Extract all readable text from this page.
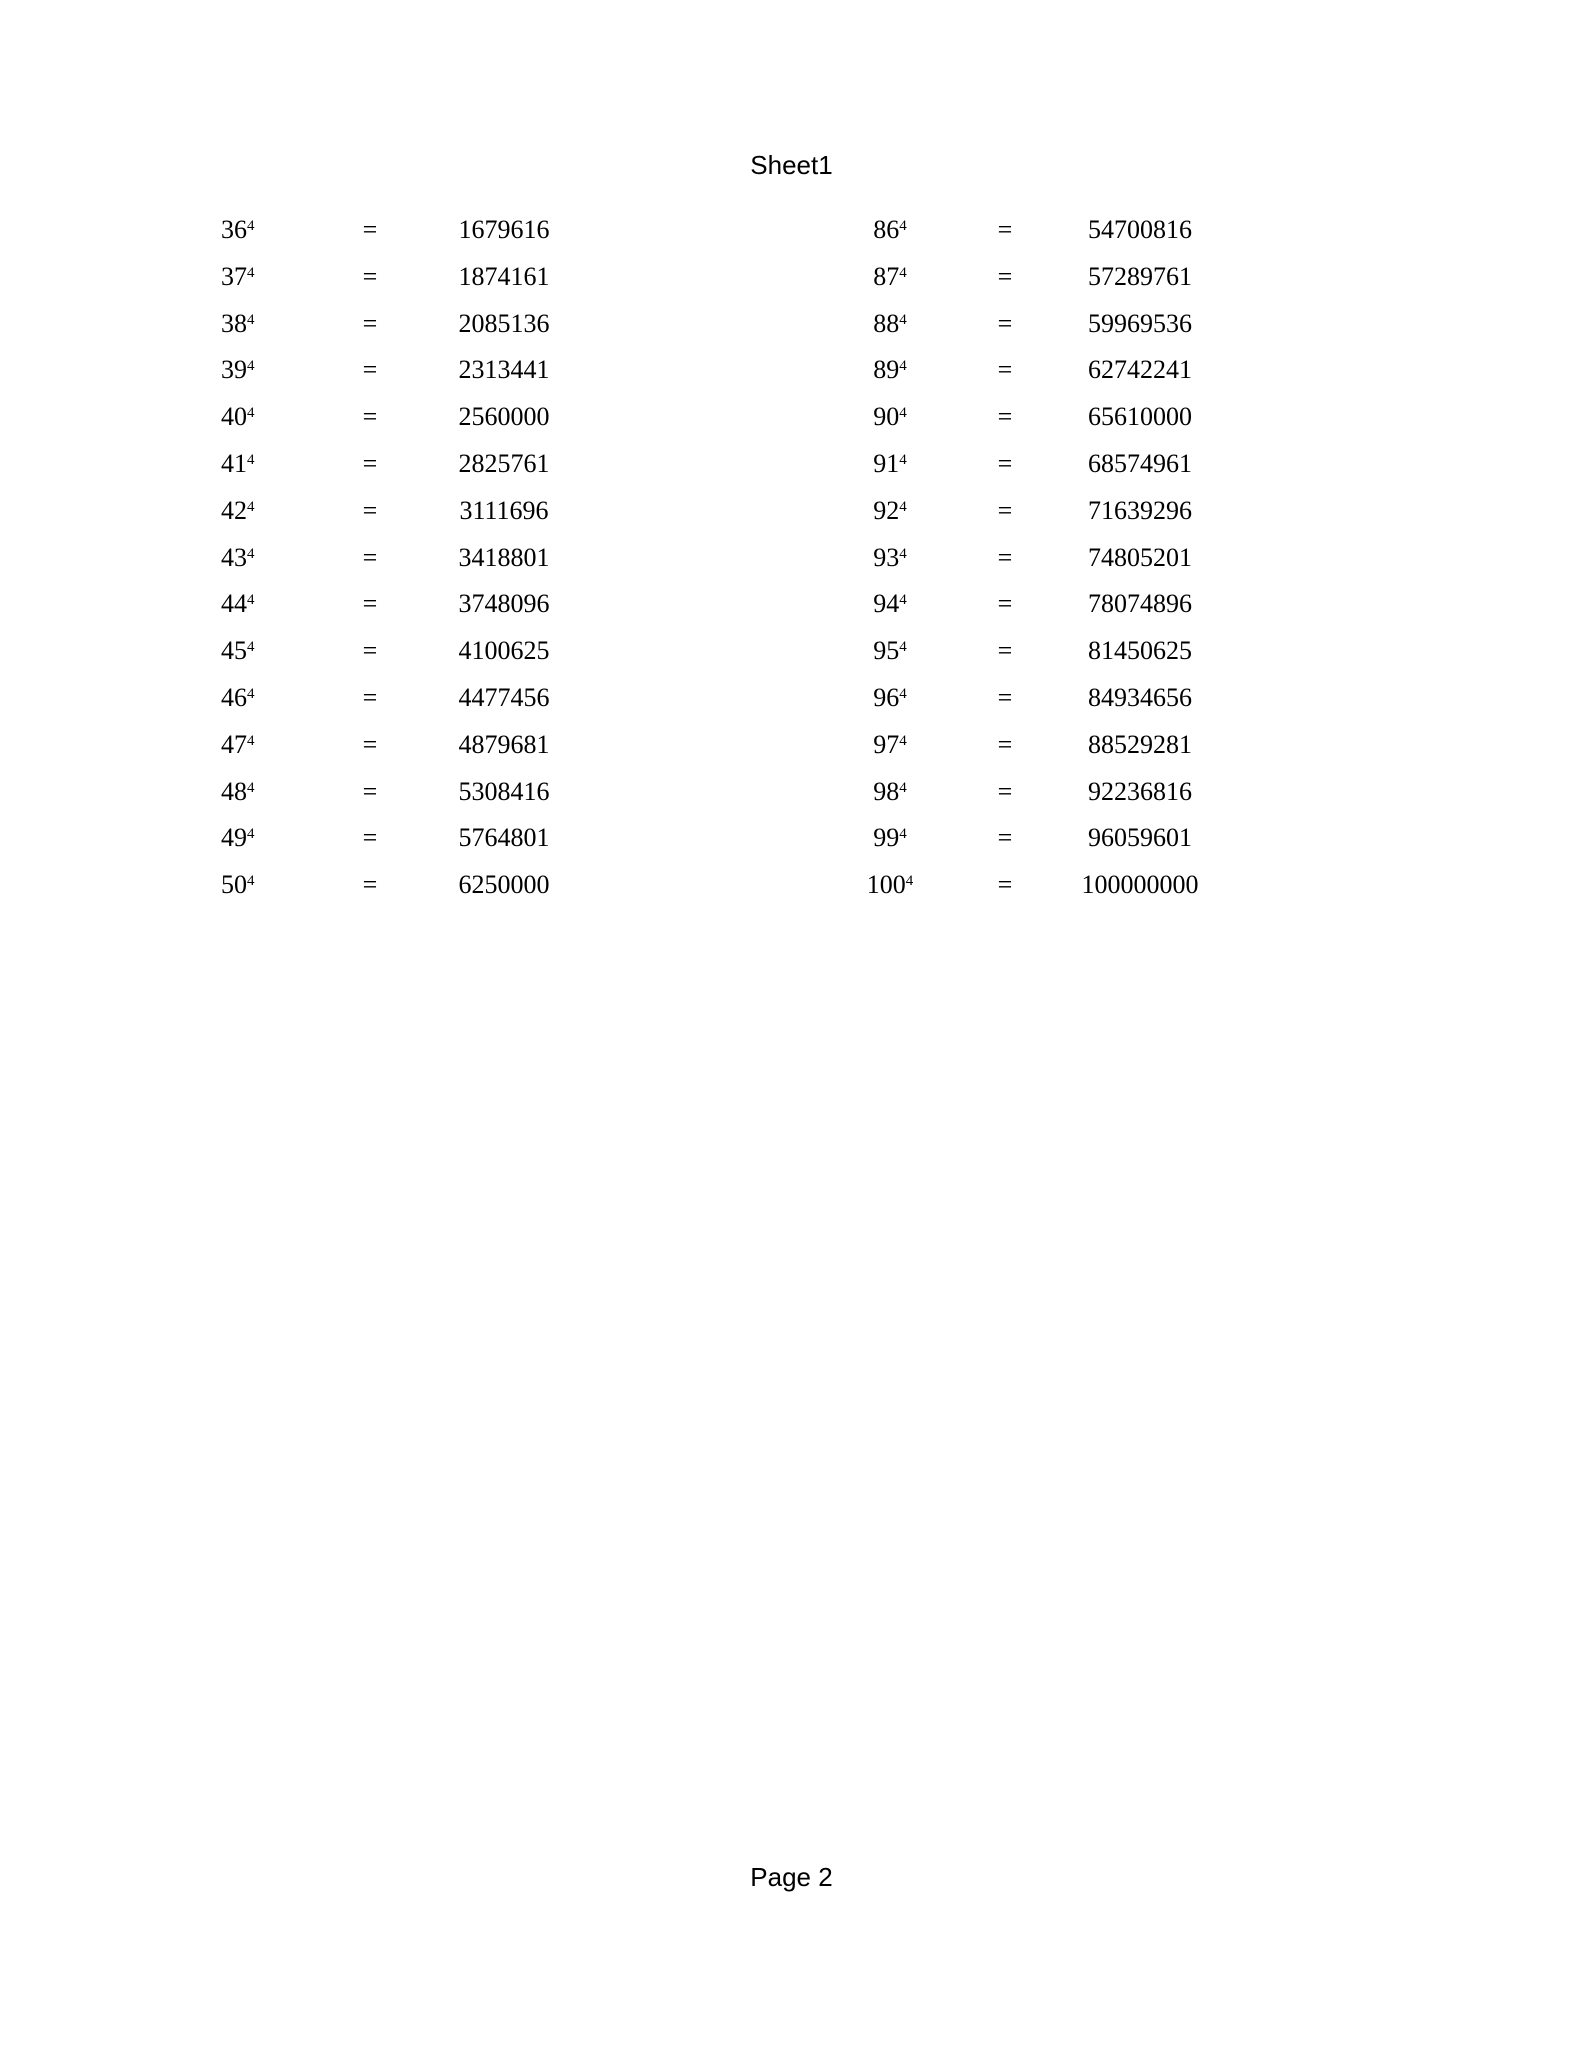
Sheet1
$36^4$	=	1679616
$37^4$	=	1874161
$38^4$	=	2085136
$39^4$	=	2313441
$40^4$	=	2560000
$41^4$	=	2825761
$42^4$	=	3111696
$43^4$	=	3418801
$44^4$	=	3748096
$45^4$	=	4100625
$46^4$	=	4477456
$47^4$	=	4879681
$48^4$	=	5308416
$49^4$	=	5764801
$50^4$	=	6250000
$86^4$	=	54700816
$87^4$	=	57289761
$88^4$	=	59969536
$89^4$	=	62742241
$90^4$	=	65610000
$91^4$	=	68574961
$92^4$	=	71639296
$93^4$	=	74805201
$94^4$	=	78074896
$95^4$	=	81450625
$96^4$	=	84934656
$97^4$	=	88529281
$98^4$	=	92236816
$99^4$	=	96059601
$100^4$	=	100000000
Page 2
